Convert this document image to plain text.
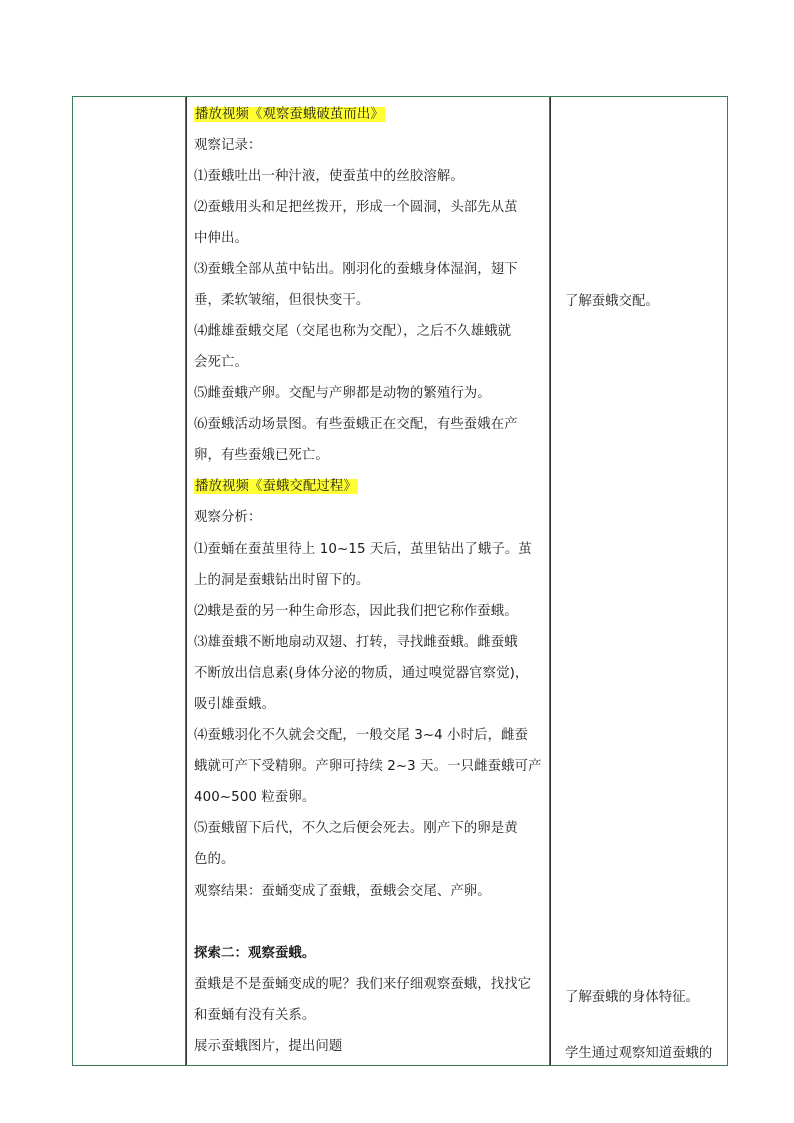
播放视频《观察蚕蛾破茧而出》
观察记录：
⑴蚕蛾吐出一种汁液，使蚕茧中的丝胶溶解。
⑵蚕蛾用头和足把丝拨开，形成一个圆洞，头部先从茧
中伸出。
⑶蚕蛾全部从茧中钻出。刚羽化的蚕蛾身体湿润，翅下
垂，柔软皱缩，但很快变干。
⑷雌雄蚕蛾交尾（交尾也称为交配），之后不久雄蛾就
会死亡。
⑸雌蚕蛾产卵。交配与产卵都是动物的繁殖行为。
⑹蚕蛾活动场景图。有些蚕蛾正在交配，有些蚕娥在产
卵，有些蚕娥已死亡。
播放视频《蚕蛾交配过程》
观察分析：
⑴蚕蛹在蚕茧里待上 10~15 天后，茧里钻出了蛾子。茧
上的洞是蚕蛾钻出时留下的。
⑵蛾是蚕的另一种生命形态，因此我们把它称作蚕蛾。
⑶雄蚕蛾不断地扇动双翅、打转，寻找雌蚕蛾。雌蚕蛾
不断放出信息素(身体分泌的物质，通过嗅觉器官察觉)，
吸引雄蚕蛾。
⑷蚕蛾羽化不久就会交配，一般交尾 3~4 小时后，雌蚕
蛾就可产下受精卵。产卵可持续 2~3 天。一只雌蚕蛾可产
400~500 粒蚕卵。
⑸蚕蛾留下后代，不久之后便会死去。刚产下的卵是黄
色的。
观察结果：蚕蛹变成了蚕蛾，蚕蛾会交尾、产卵。
探索二：观察蚕蛾。
蚕蛾是不是蚕蛹变成的呢？我们来仔细观察蚕蛾，找找它
和蚕蛹有没有关系。
展示蚕蛾图片，提出问题
了解蚕蛾交配。
了解蚕蛾的身体特征。
学生通过观察知道蚕蛾的
